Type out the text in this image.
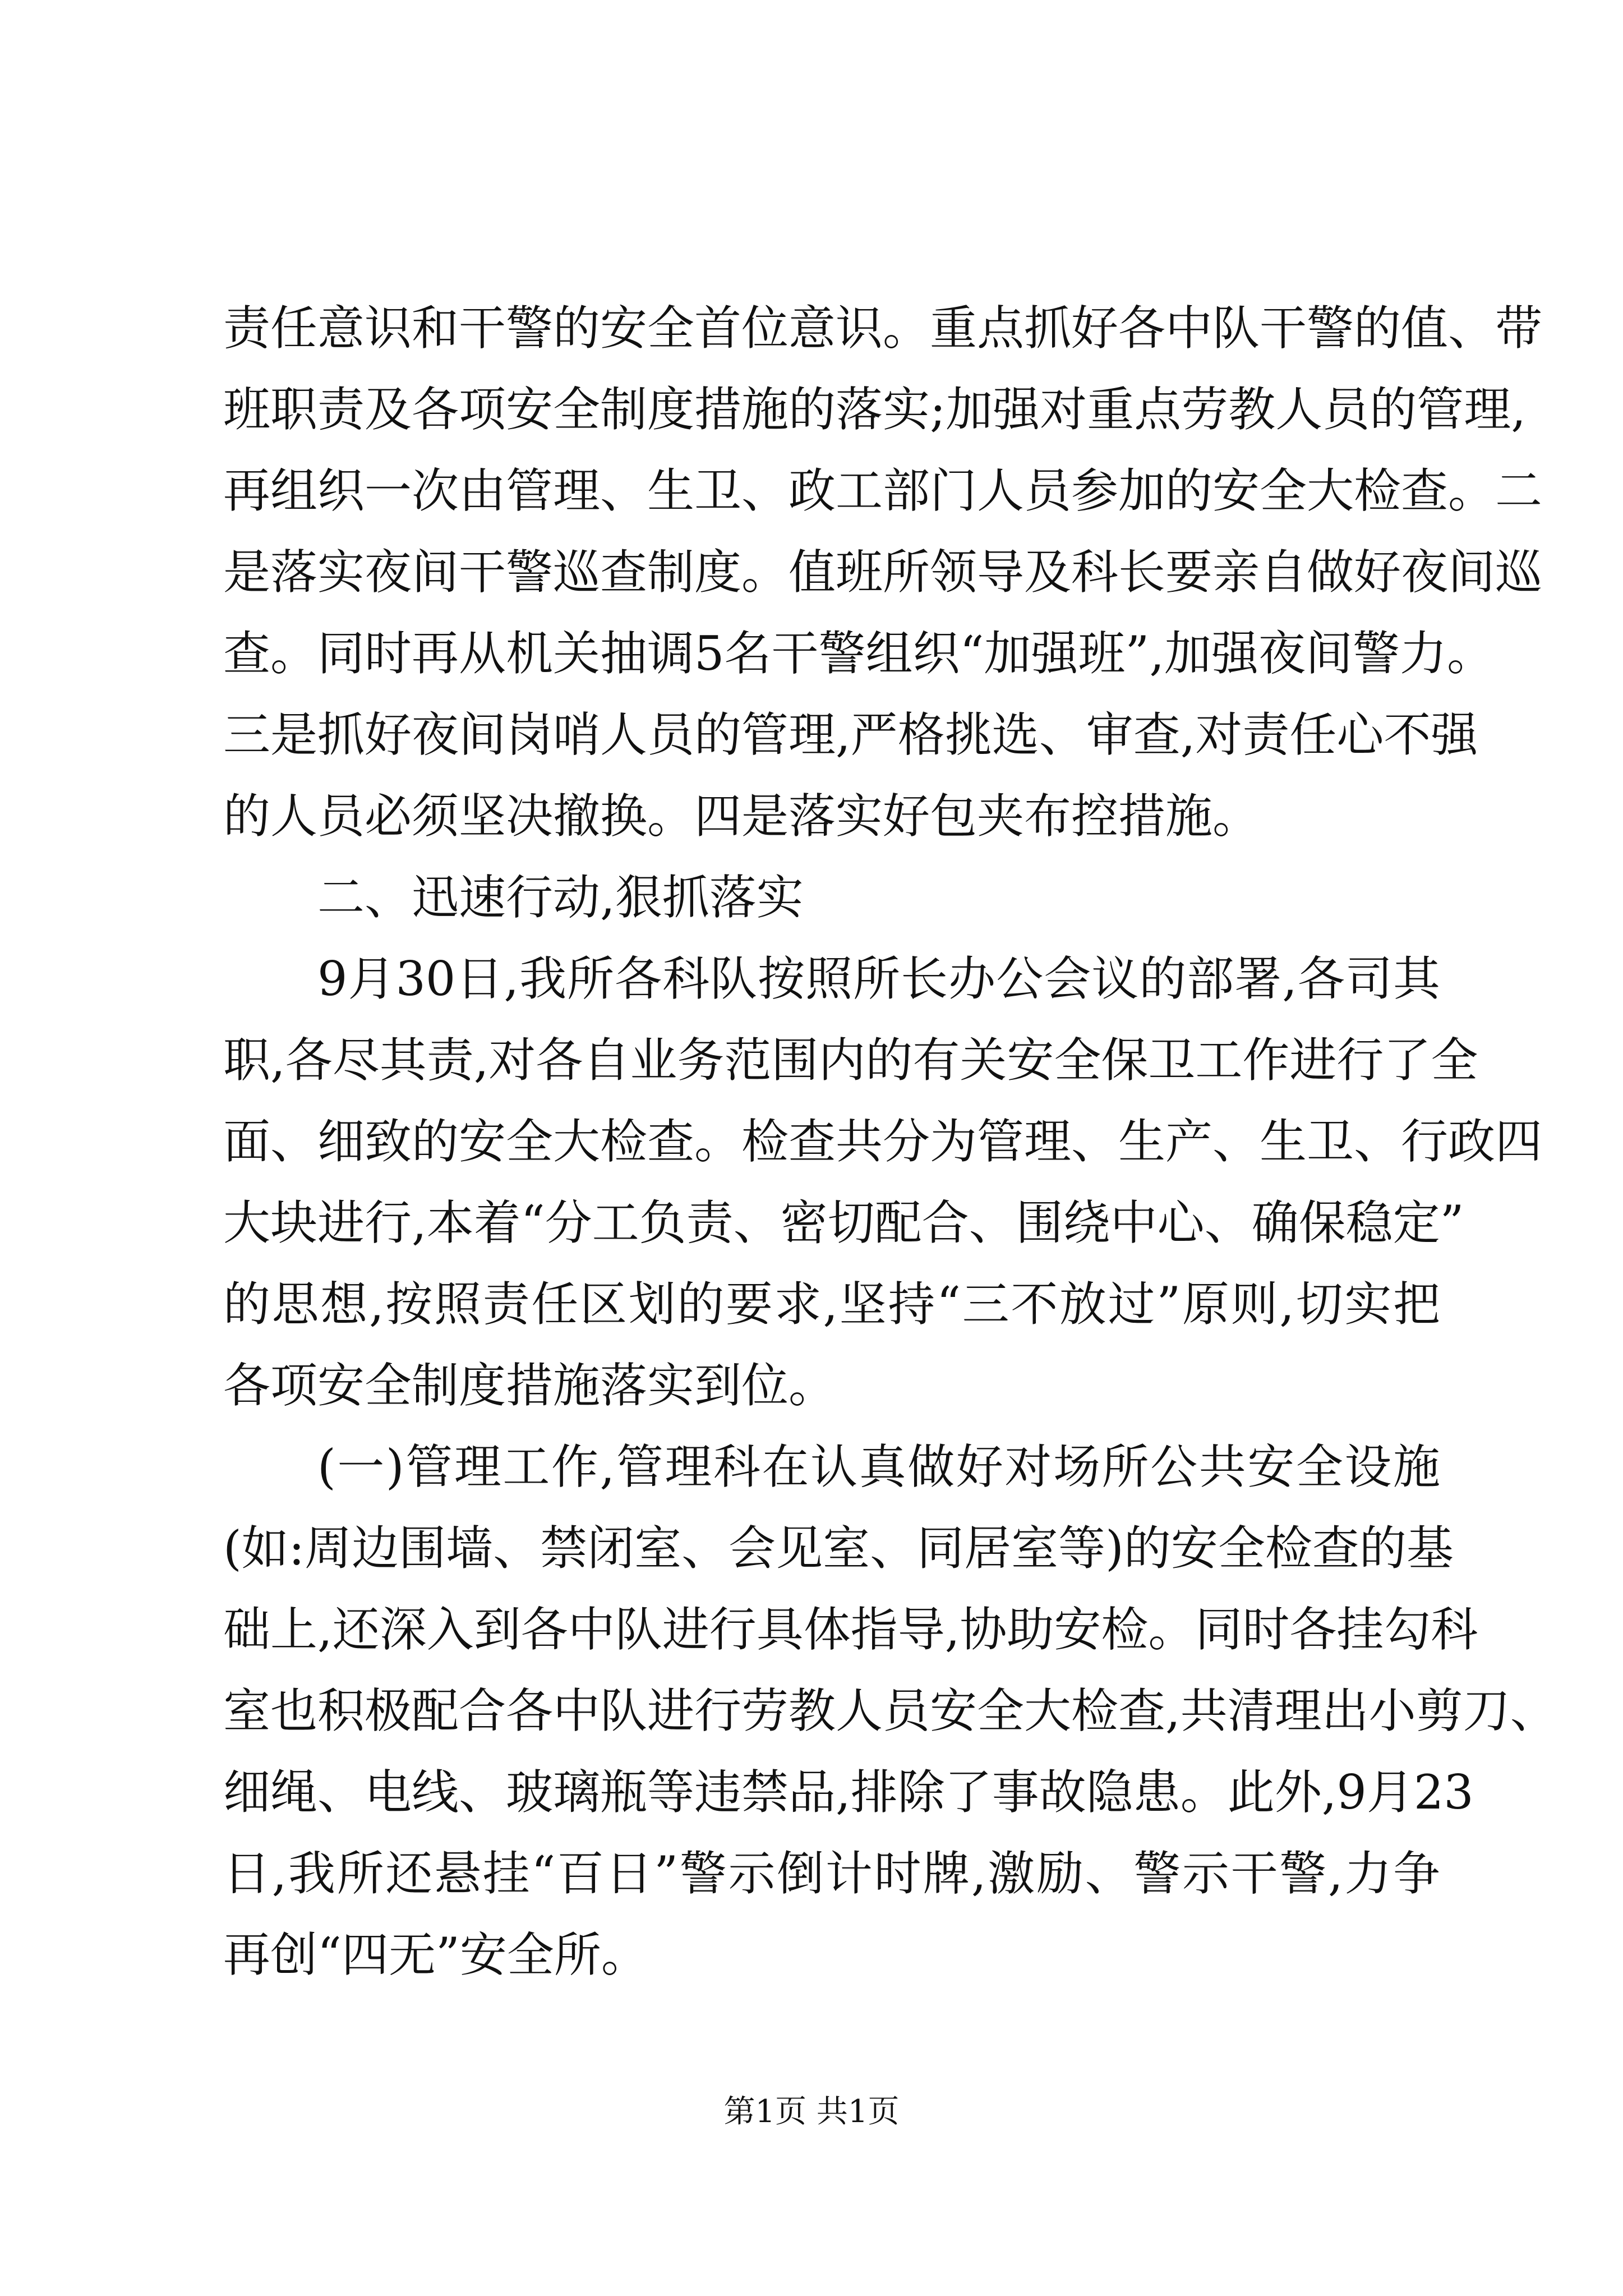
责任意识和干警的安全首位意识。重点抓好各中队干警的值、带
班职责及各项安全制度措施的落实;加强对重点劳教人员的管理,
再组织一次由管理、生卫、政工部门人员参加的安全大检查。二
是落实夜间干警巡查制度。值班所领导及科长要亲自做好夜间巡
查。同时再从机关抽调5名干警组织“加强班”,加强夜间警力。
三是抓好夜间岗哨人员的管理,严格挑选、审查,对责任心不强
的人员必须坚决撤换。四是落实好包夹布控措施。
二、迅速行动,狠抓落实
9月30日,我所各科队按照所长办公会议的部署,各司其
职,各尽其责,对各自业务范围内的有关安全保卫工作进行了全
面、细致的安全大检查。检查共分为管理、生产、生卫、行政四
大块进行,本着“分工负责、密切配合、围绕中心、确保稳定”
的思想,按照责任区划的要求,坚持“三不放过”原则,切实把
各项安全制度措施落实到位。
(一)管理工作,管理科在认真做好对场所公共安全设施
(如:周边围墙、禁闭室、会见室、同居室等)的安全检查的基
础上,还深入到各中队进行具体指导,协助安检。同时各挂勾科
室也积极配合各中队进行劳教人员安全大检查,共清理出小剪刀、
细绳、电线、玻璃瓶等违禁品,排除了事故隐患。此外,9月23
日,我所还悬挂“百日”警示倒计时牌,激励、警示干警,力争
再创“四无”安全所。
第1页 共1页
